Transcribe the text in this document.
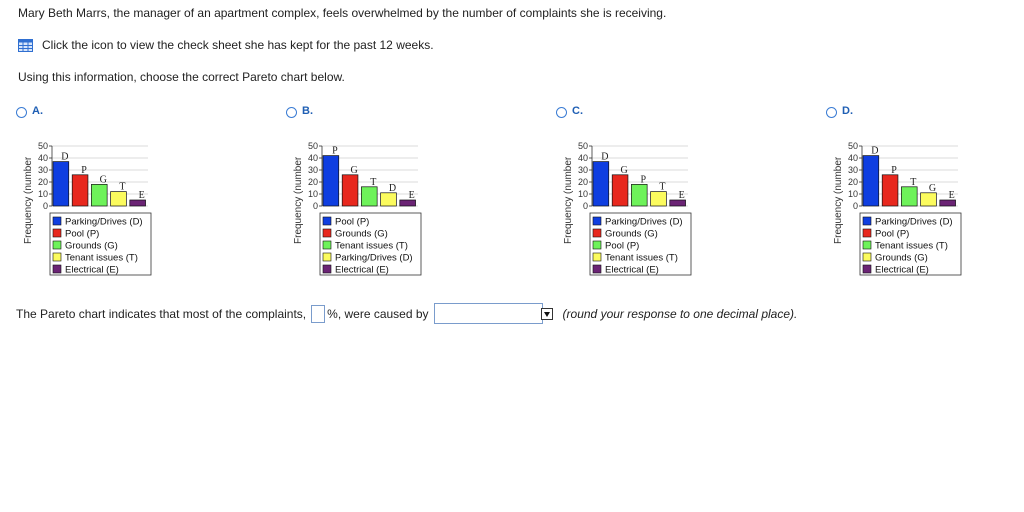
Mary Beth Marrs, the manager of an apartment complex, feels overwhelmed by the number of complaints she is receiving.
Click the icon to view the check sheet she has kept for the past 12 weeks.
Using this information, choose the correct Pareto chart below.
A.
Frequency (number
50
40
30
20
10
0
D
P
G
T
E
Parking/Drives (D)
Pool (P)
Grounds (G)
Tenant issues (T)
Electrical (E)
B.
Frequency (number
50
40
30
20
10
0
P
G
T
D
E
Pool (P)
Grounds (G)
Tenant issues (T)
Parking/Drives (D)
Electrical (E)
C.
Frequency (number
50
40
30
20
10
0
D
G
P
T
E
Parking/Drives (D)
Grounds (G)
Pool (P)
Tenant issues (T)
Electrical (E)
D.
Frequency (number
50
40
30
20
10
0
D
P
T
G
E
Parking/Drives (D)
Pool (P)
Tenant issues (T)
Grounds (G)
Electrical (E)
The Pareto chart indicates that most of the complaints, %, were caused by	(round your response to one decimal place).
